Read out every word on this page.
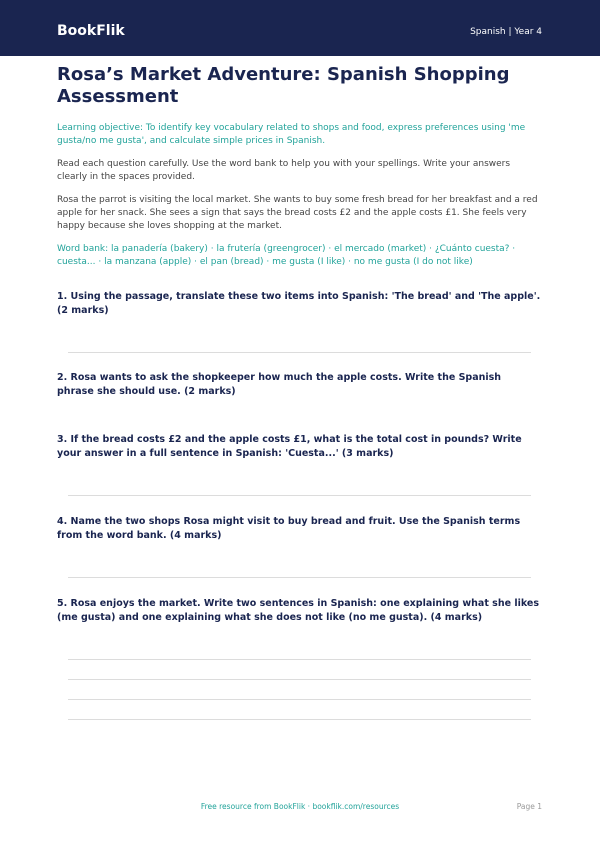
BookFlik	Spanish | Year 4
Rosa’s Market Adventure: Spanish Shopping Assessment
Learning objective: To identify key vocabulary related to shops and food, express preferences using 'me gusta/no me gusta', and calculate simple prices in Spanish.
Read each question carefully. Use the word bank to help you with your spellings. Write your answers clearly in the spaces provided.
Rosa the parrot is visiting the local market. She wants to buy some fresh bread for her breakfast and a red apple for her snack. She sees a sign that says the bread costs £2 and the apple costs £1. She feels very happy because she loves shopping at the market.
Word bank: la panadería (bakery) · la frutería (greengrocer) · el mercado (market) · ¿Cuánto cuesta? · cuesta... · la manzana (apple) · el pan (bread) · me gusta (I like) · no me gusta (I do not like)
1. Using the passage, translate these two items into Spanish: 'The bread' and 'The apple'. (2 marks)
2. Rosa wants to ask the shopkeeper how much the apple costs. Write the Spanish phrase she should use. (2 marks)
3. If the bread costs £2 and the apple costs £1, what is the total cost in pounds? Write your answer in a full sentence in Spanish: 'Cuesta...' (3 marks)
4. Name the two shops Rosa might visit to buy bread and fruit. Use the Spanish terms from the word bank. (4 marks)
5. Rosa enjoys the market. Write two sentences in Spanish: one explaining what she likes (me gusta) and one explaining what she does not like (no me gusta). (4 marks)
Free resource from BookFlik · bookflik.com/resources	Page 1
